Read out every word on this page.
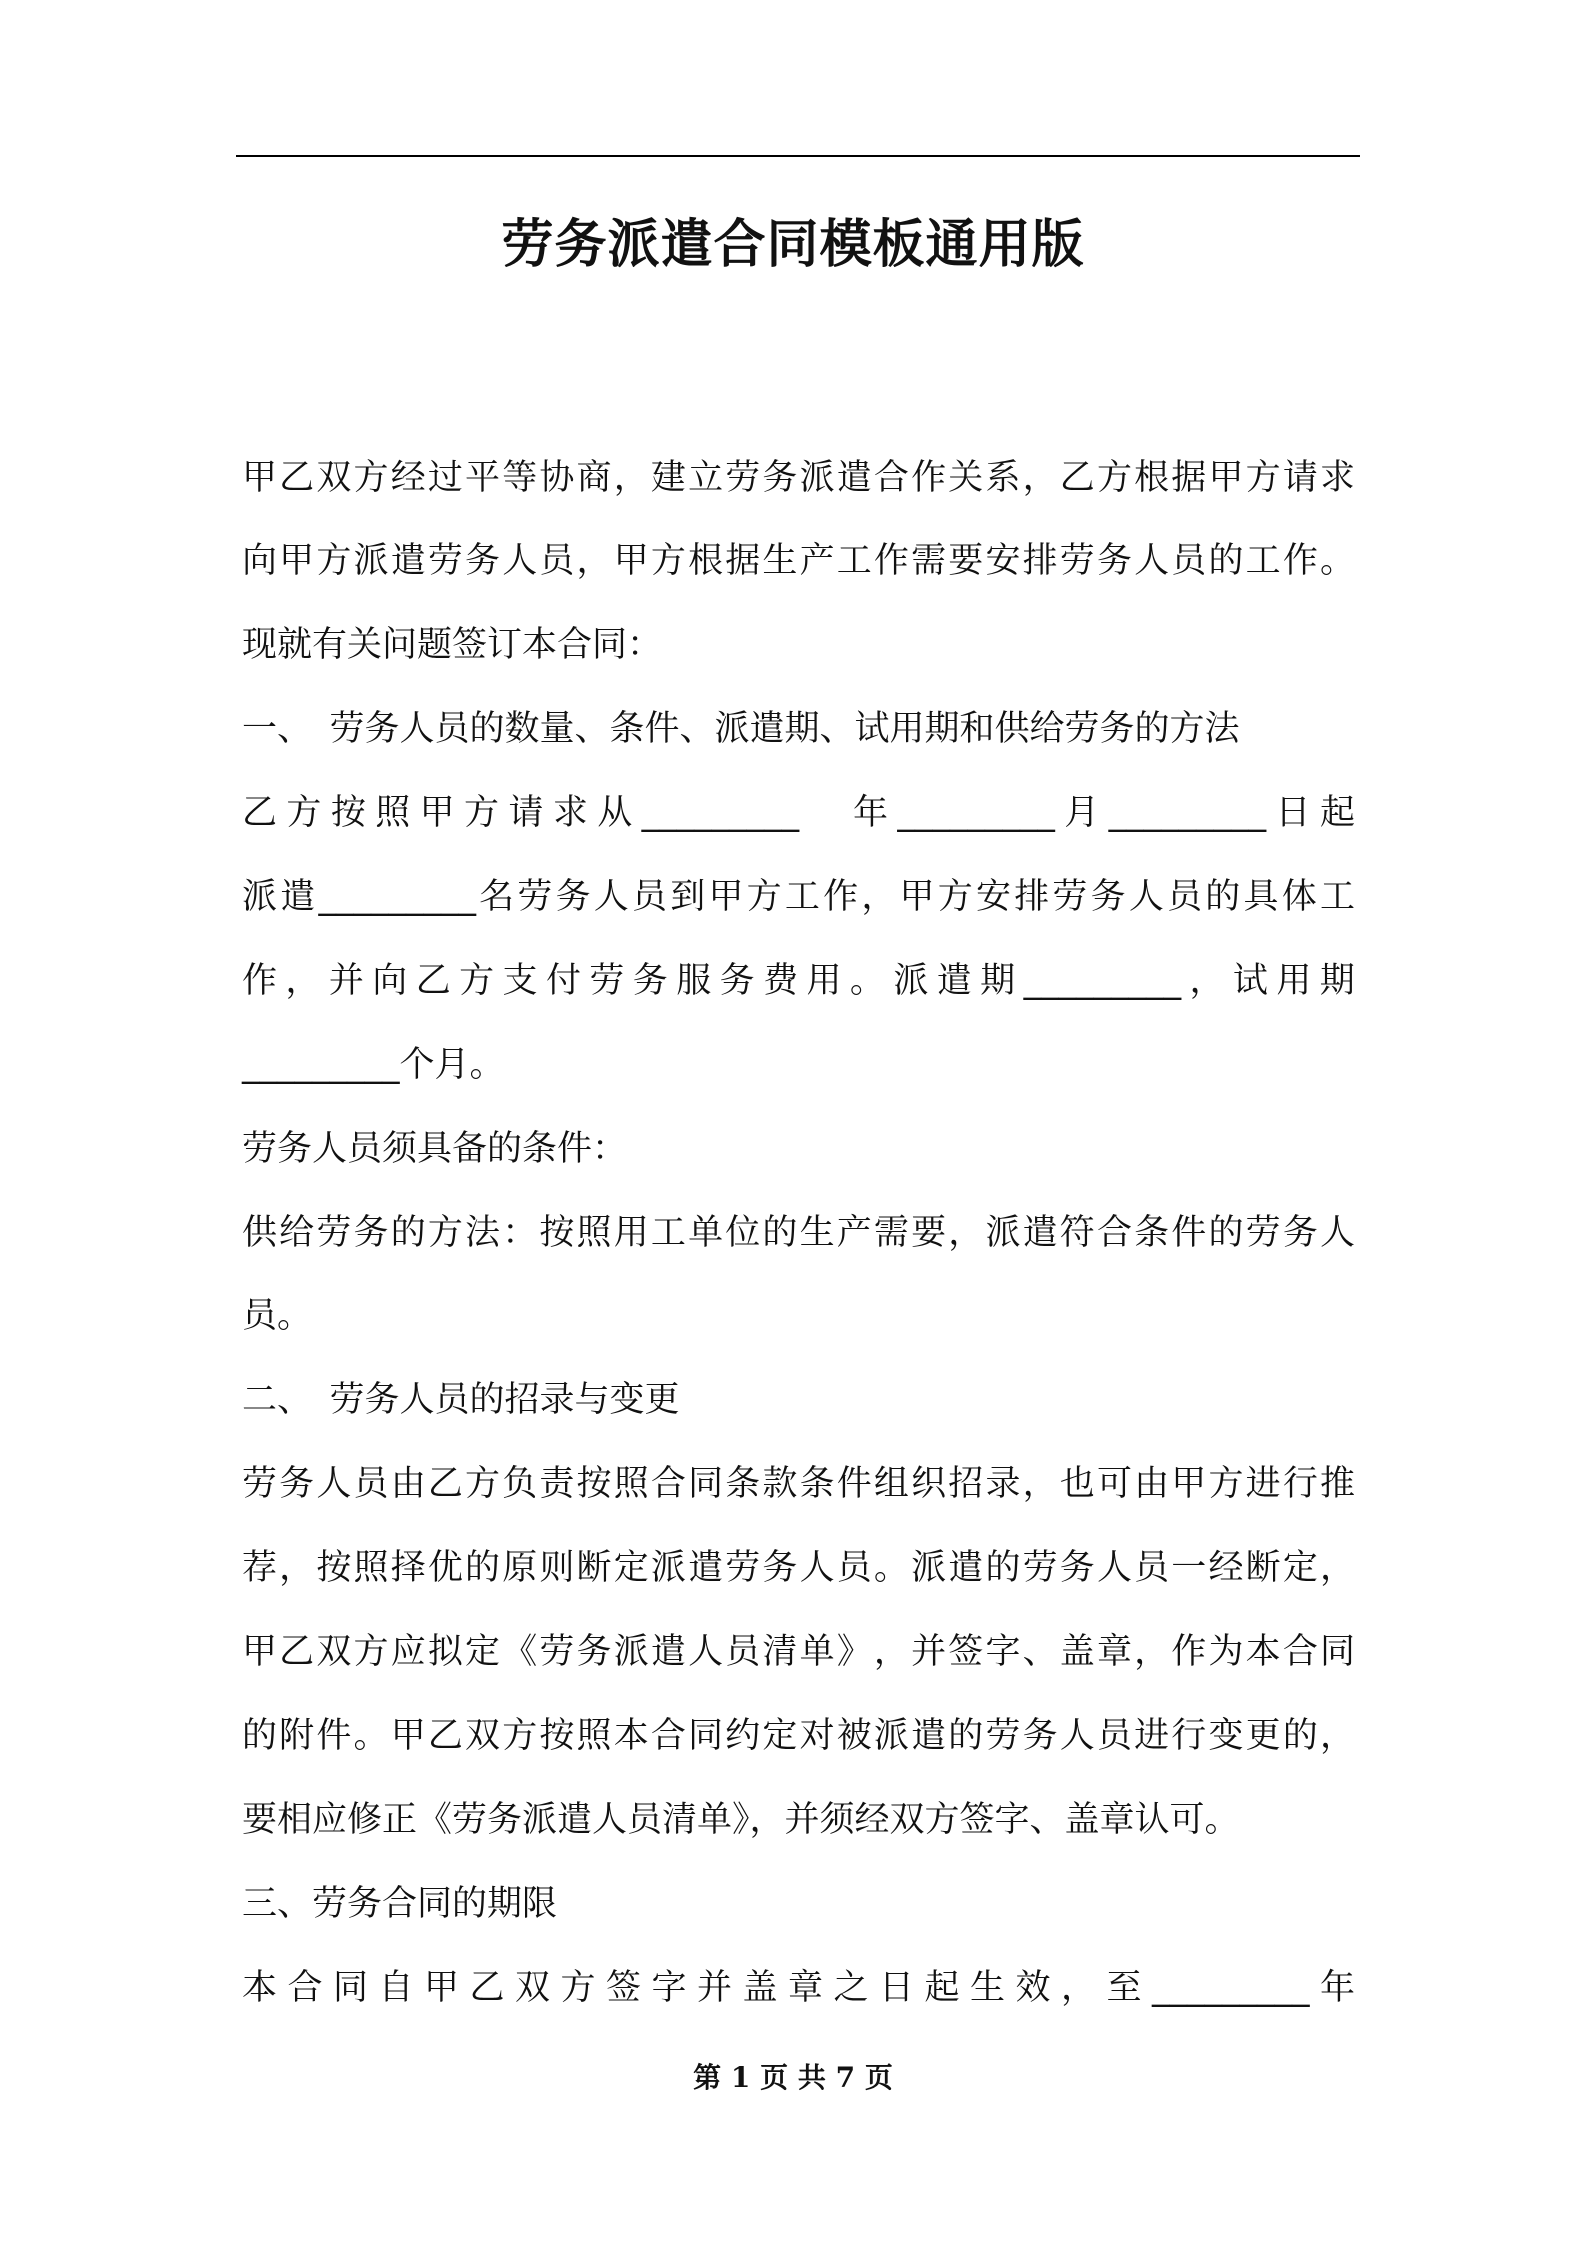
劳务派遣合同模板通用版
甲 乙 双 方 经 过 平 等 协 商 ， 建 立 劳 务 派 遣 合 作 关 系 ， 乙 方 根 据 甲 方 请 求
向 甲 方 派 遣 劳 务 人 员 ， 甲 方 根 据 生 产 工 作 需 要 安 排 劳 务 人 员 的 工 作 。
现就有关问题签订本合同：
一、　劳务人员的数量、条件、派遣期、试用期和供给劳务的方法
乙 方 按 照 甲 方 请 求 从 _________
　 年 _________ 月 _________ 日 起
派 遣 _________ 名 劳 务 人 员 到 甲 方 工 作 ， 甲 方 安 排 劳 务 人 员 的 具 体 工
作 ， 并 向 乙 方 支 付 劳 务 服 务 费 用 。 派 遣 期 _________ ， 试 用 期
_________个月。
劳务人员须具备的条件：
供 给 劳 务 的 方 法 ： 按 照 用 工 单 位 的 生 产 需 要 ， 派 遣 符 合 条 件 的 劳 务 人
员。
二、　劳务人员的招录与变更
劳 务 人 员 由 乙 方 负 责 按 照 合 同 条 款 条 件 组 织 招 录 ， 也 可 由 甲 方 进 行 推
荐 ， 按 照 择 优 的 原 则 断 定 派 遣 劳 务 人 员 。 派 遣 的 劳 务 人 员 一 经 断 定 ，
甲 乙 双 方 应 拟 定 《 劳 务 派 遣 人 员 清 单 》 ， 并 签 字 、 盖 章 ， 作 为 本 合 同
的 附 件 。 甲 乙 双 方 按 照 本 合 同 约 定 对 被 派 遣 的 劳 务 人 员 进 行 变 更 的 ，
要相应修正《劳务派遣人员清单》，并须经双方签字、盖章认可。
三、劳务合同的期限
本 合 同 自 甲 乙 双 方 签 字 并 盖 章 之 日 起 生 效 ， 至 _________ 年
第 1 页 共 7 页
